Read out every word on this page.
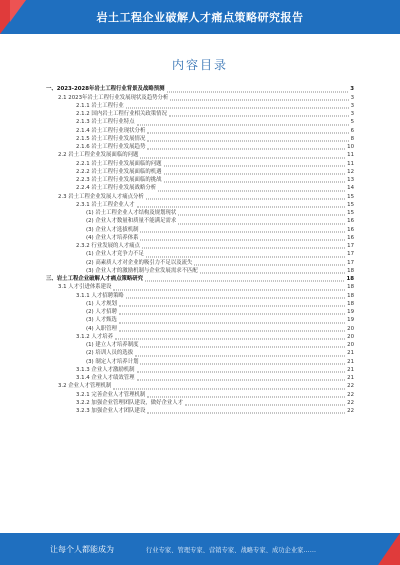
岩土工程企业破解人才痛点策略研究报告
内容目录
一、2023-2028年岩土工程行业背景及战略预测	3
2.1 2023年岩土工程行业发展现状及趋势分析	3
2.1.1 岩土工程行业	3
2.1.2 国内岩土工程行业相关政策情况	3
2.1.3 岩土工程行业特点	5
2.1.4 岩土工程行业现状分析	6
2.1.5 岩土工程行业发展情况	8
2.1.6 岩土工程行业发展趋势	10
2.2 岩土工程企业发展面临的问题	11
2.2.1 岩土工程行业发展面临的问题	11
2.2.2 岩土工程行业发展面临的机遇	12
2.2.3 岩土工程行业发展面临的挑战	13
2.2.4 岩土工程行业发展战略分析	14
2.3 岩土工程企业发展人才痛点分析	15
2.3.1 岩土工程企业人才	15
(1) 岩土工程企业人才结构及规划现状	15
(2) 企业人才数量和质量不能满足需求	16
(3) 企业人才选拔机制	16
(4) 企业人才培养体系	16
2.3.2 行业发展的人才痛点	17
(1) 企业人才竞争力不足	17
(2) 高素质人才对企业的吸引力不足以及流失	17
(3) 企业人才的激励机制与企业发展需求不匹配	18
三、岩土工程企业破解人才痛点策略研究	18
3.1 人才引进体系建设	18
3.1.1 人才招聘策略	18
(1) 人才规划	18
(2) 人才招聘	19
(3) 人才甄选	19
(4) 入职管理	20
3.1.2 人才培养	20
(1) 建立人才培养制度	20
(2) 培训人员的选拔	21
(3) 制定人才培养计划	21
3.1.3 企业人才激励机制	21
3.1.4 企业人才绩效管理	21
3.2 企业人才管理机制	22
3.2.1 完善企业人才管理机制	22
3.2.2 加强企业管理团队建设，做好企业人才	22
3.2.3 加强企业人才团队建设	22
让每个人都能成为	行业专家、管理专家、营销专家、战略专家、成功企业家……
